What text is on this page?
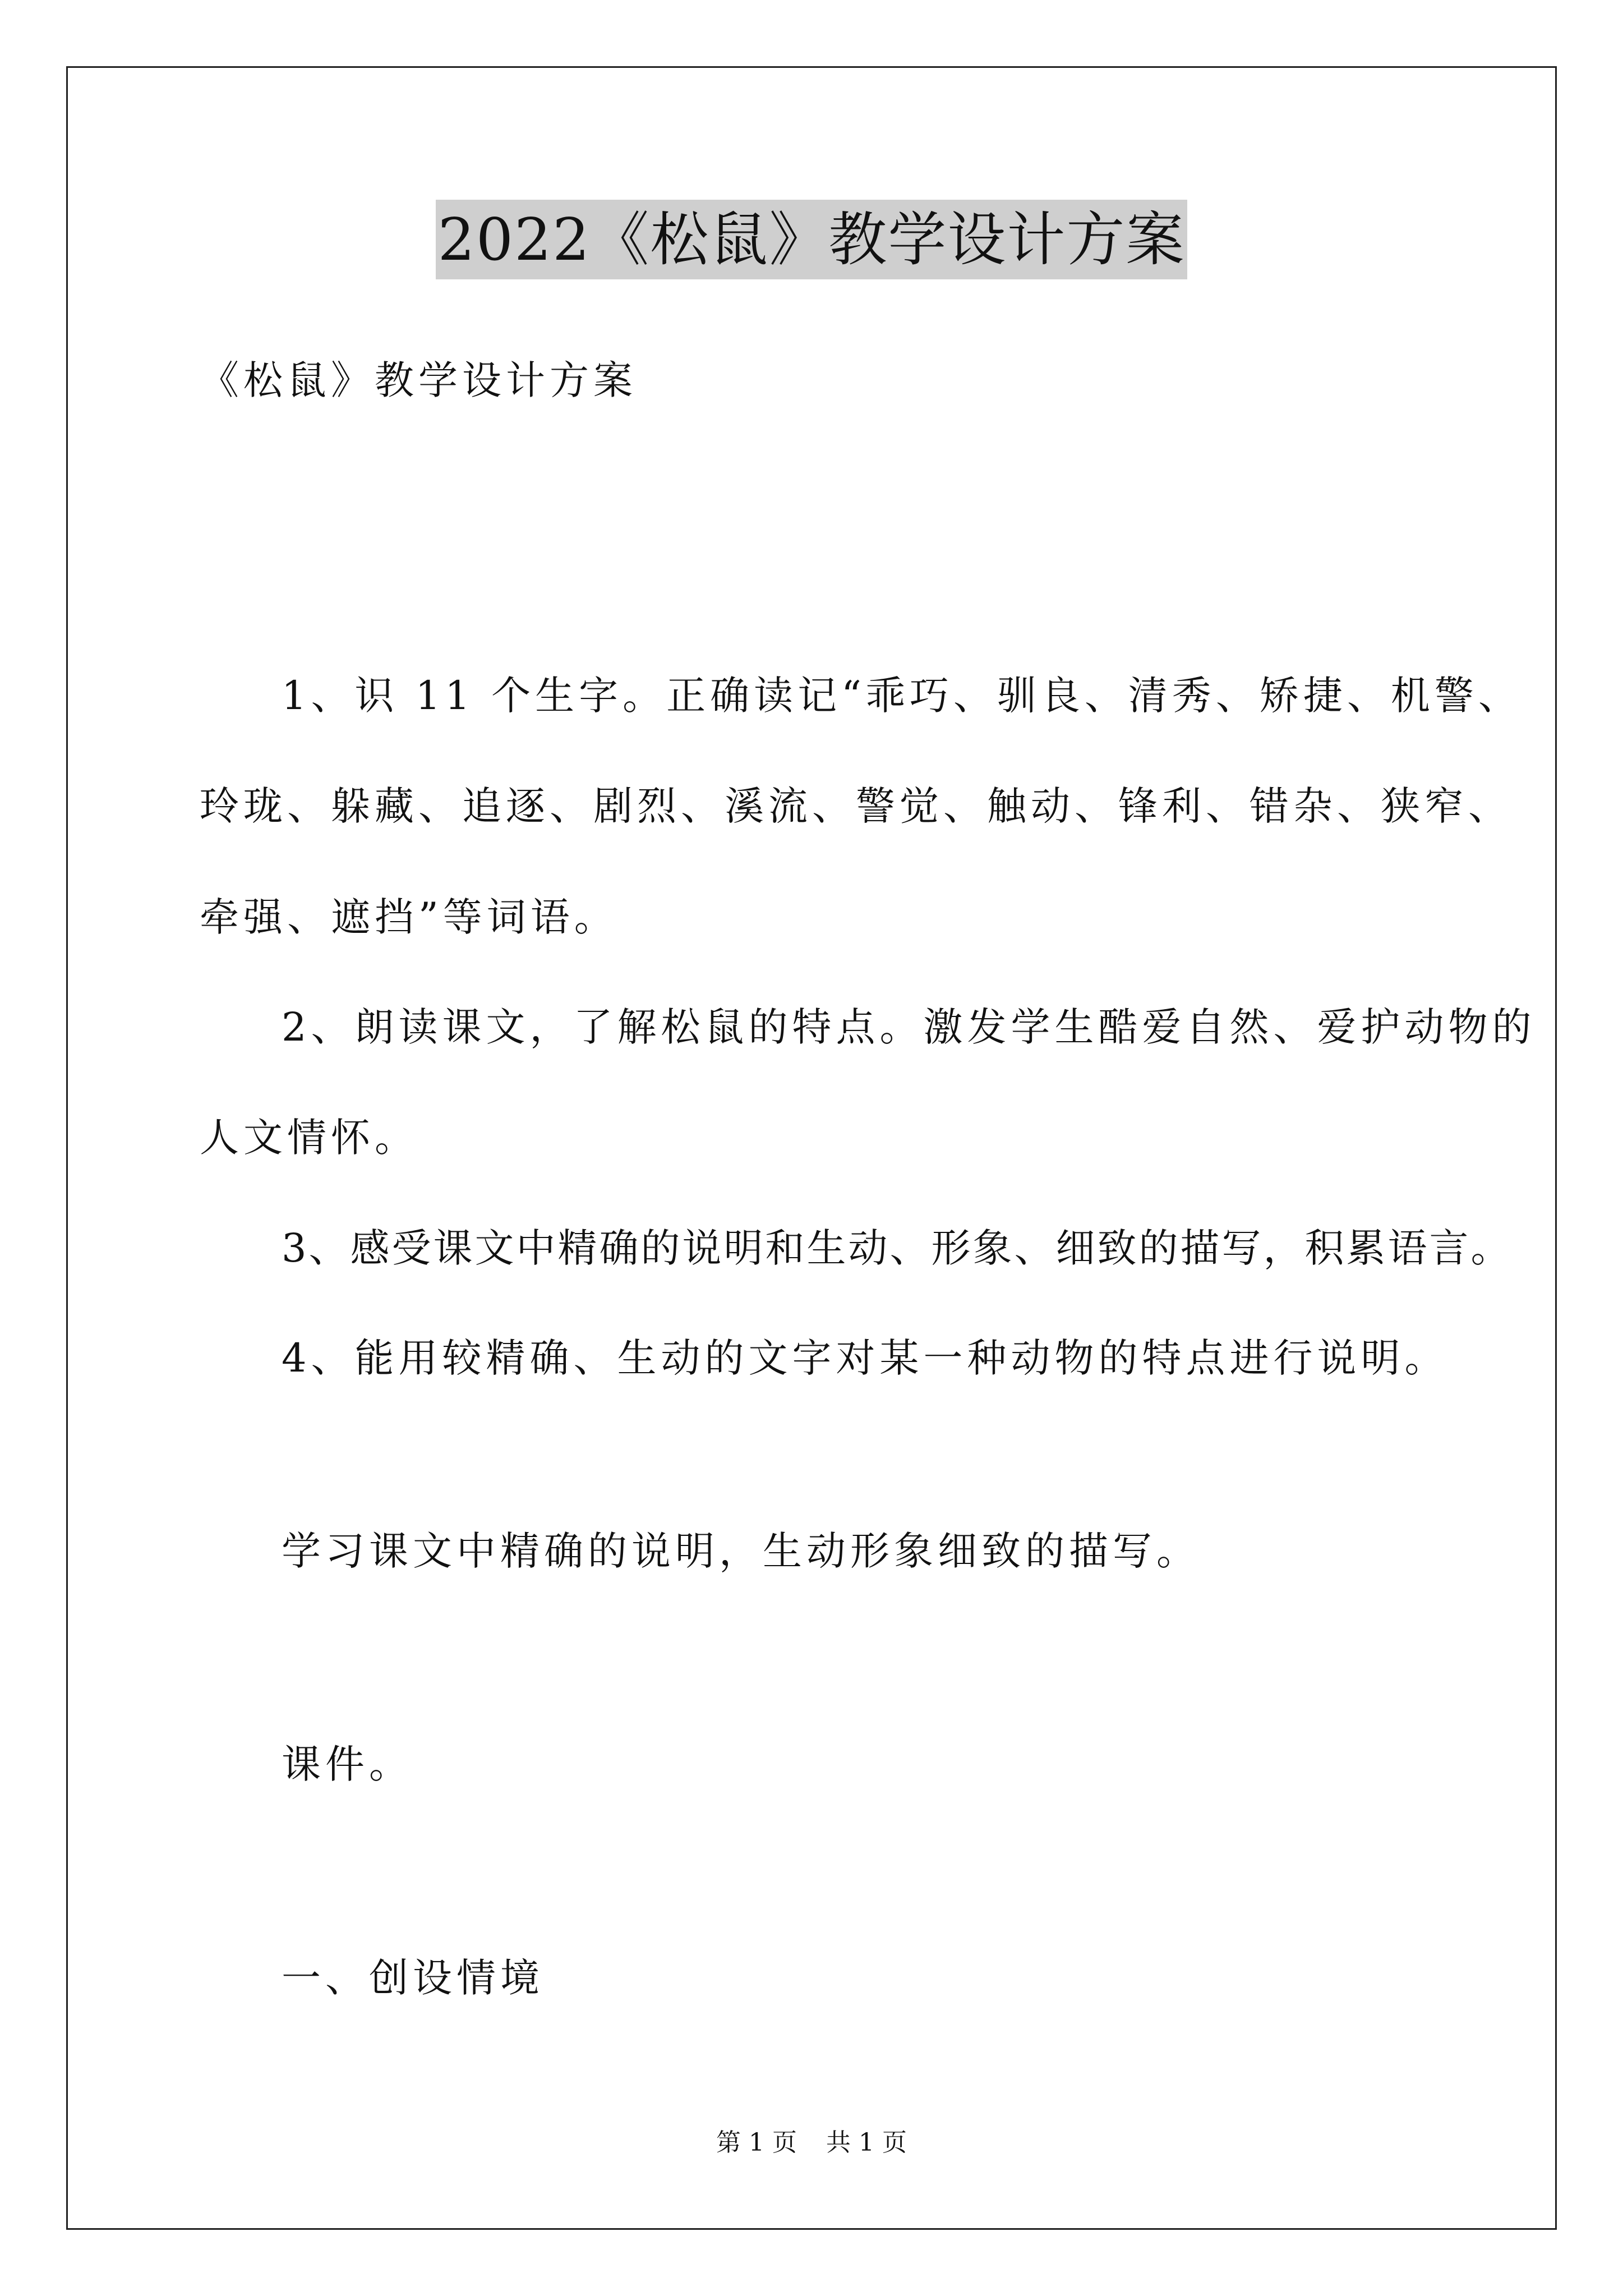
2022《松鼠》教学设计方案
《松鼠》教学设计方案
1、识 11 个生字。正确读记“乖巧、驯良、清秀、矫捷、机警、
玲珑、躲藏、追逐、剧烈、溪流、警觉、触动、锋利、错杂、狭窄、
牵强、遮挡”等词语。
2、朗读课文，了解松鼠的特点。激发学生酷爱自然、爱护动物的
人文情怀。
3、感受课文中精确的说明和生动、形象、细致的描写，积累语言。
4、能用较精确、生动的文字对某一种动物的特点进行说明。
学习课文中精确的说明，生动形象细致的描写。
课件。
一、创设情境
第 1 页 共 1 页
